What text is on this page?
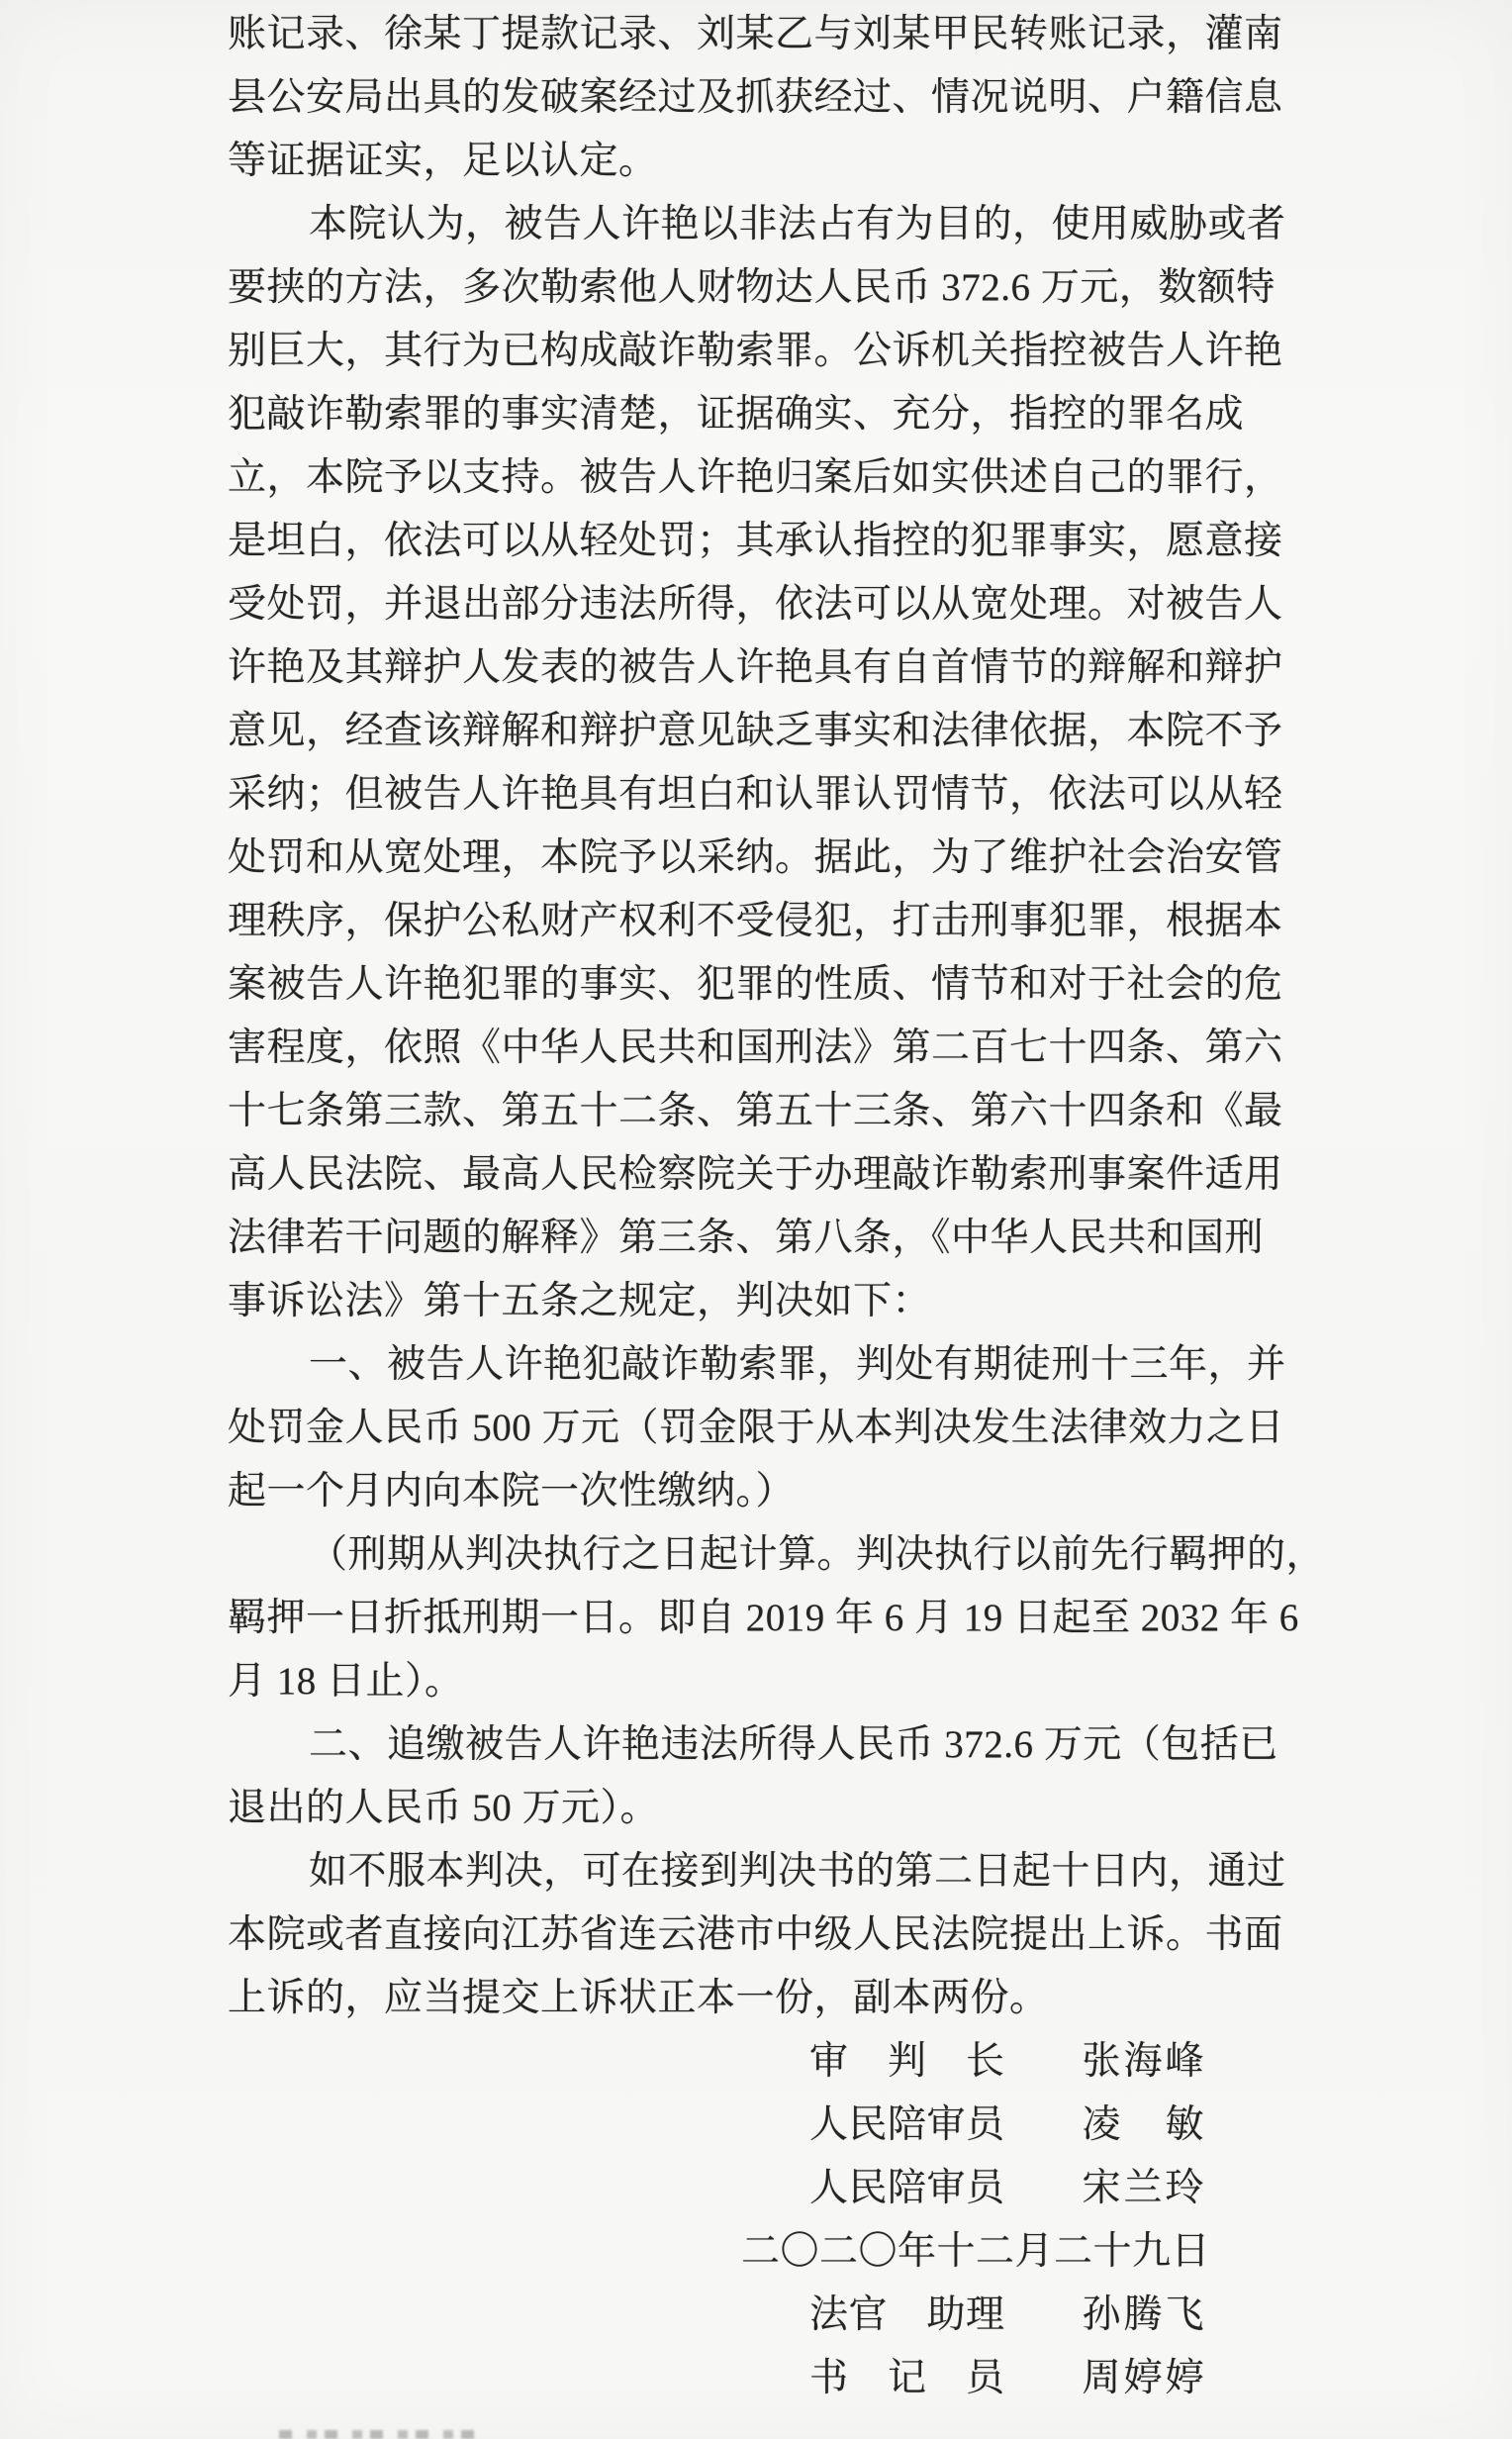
账记录、徐某丁提款记录、刘某乙与刘某甲民转账记录，灌南
县公安局出具的发破案经过及抓获经过、情况说明、户籍信息
等证据证实，足以认定。
本院认为，被告人许艳以非法占有为目的，使用威胁或者
要挟的方法，多次勒索他人财物达人民币 372.6 万元，数额特
别巨大，其行为已构成敲诈勒索罪。公诉机关指控被告人许艳
犯敲诈勒索罪的事实清楚，证据确实、充分，指控的罪名成
立，本院予以支持。被告人许艳归案后如实供述自己的罪行，
是坦白，依法可以从轻处罚；其承认指控的犯罪事实，愿意接
受处罚，并退出部分违法所得，依法可以从宽处理。对被告人
许艳及其辩护人发表的被告人许艳具有自首情节的辩解和辩护
意见，经查该辩解和辩护意见缺乏事实和法律依据，本院不予
采纳；但被告人许艳具有坦白和认罪认罚情节，依法可以从轻
处罚和从宽处理，本院予以采纳。据此，为了维护社会治安管
理秩序，保护公私财产权利不受侵犯，打击刑事犯罪，根据本
案被告人许艳犯罪的事实、犯罪的性质、情节和对于社会的危
害程度，依照《中华人民共和国刑法》第二百七十四条、第六
十七条第三款、第五十二条、第五十三条、第六十四条和《最
高人民法院、最高人民检察院关于办理敲诈勒索刑事案件适用
法律若干问题的解释》第三条、第八条，《中华人民共和国刑
事诉讼法》第十五条之规定，判决如下：
一、被告人许艳犯敲诈勒索罪，判处有期徒刑十三年，并
处罚金人民币 500 万元（罚金限于从本判决发生法律效力之日
起一个月内向本院一次性缴纳。）
（刑期从判决执行之日起计算。判决执行以前先行羁押的，
羁押一日折抵刑期一日。即自 2019 年 6 月 19 日起至 2032 年 6
月 18 日止）。
二、追缴被告人许艳违法所得人民币 372.6 万元（包括已
退出的人民币 50 万元）。
如不服本判决，可在接到判决书的第二日起十日内，通过
本院或者直接向江苏省连云港市中级人民法院提出上诉。书面
上诉的，应当提交上诉状正本一份，副本两份。
审　判　长 张海峰
人民陪审员 凌　敏
人民陪审员 宋兰玲
二〇二〇年十二月二十九日
法官　助理 孙腾飞
书　记　员 周婷婷
